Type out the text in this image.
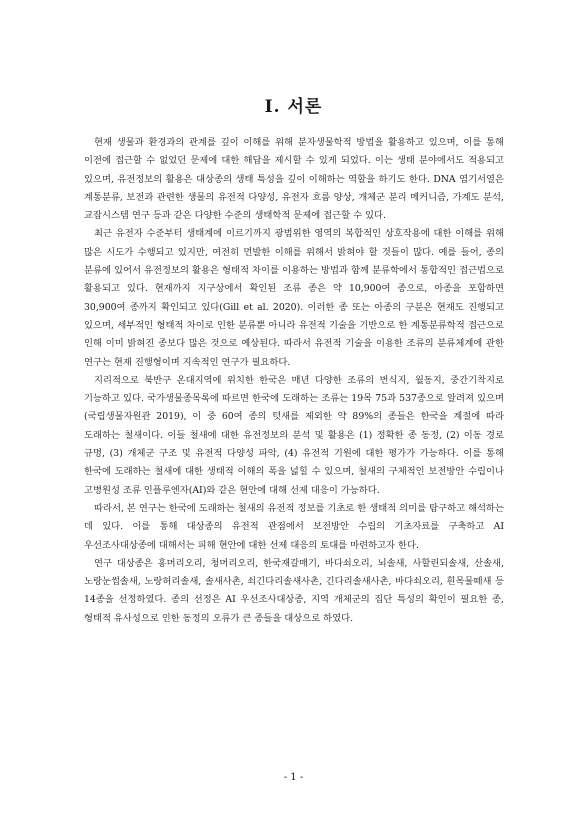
Ⅰ. 서론

현재 생물과 환경과의 관계를 깊이 이해를 위해 분자생물학적 방법을 활용하고 있으며, 이를 통해 이전에 접근할 수 없었던 문제에 대한 해답을 제시할 수 있게 되었다. 이는 생태 분야에서도 적용되고 있으며, 유전정보의 활용은 대상종의 생태 특성을 깊이 이해하는 역할을 하기도 한다. DNA 염기서열은 계통분류, 보전과 관련한 생물의 유전적 다양성, 유전자 흐름 양상, 개체군 분리 메커니즘, 가계도 분석, 교잡시스템 연구 등과 같은 다양한 수준의 생태학적 문제에 접근할 수 있다.

최근 유전자 수준부터 생태계에 이르기까지 광범위한 영역의 복합적인 상호작용에 대한 이해를 위해 많은 시도가 수행되고 있지만, 여전히 먼발한 이해를 위해서 밝혀야 할 것들이 많다. 예를 들어, 종의 분류에 있어서 유전정보의 활용은 형태적 차이를 이용하는 방법과 함께 분류학에서 통합적인 접근법으로 활용되고 있다. 현재까지 지구상에서 확인된 조류 종은 약 10,900여 종으로, 아종을 포함하면 30,900여 종까지 확인되고 있다(Gill et al. 2020). 이러한 종 또는 아종의 구분은 현재도 진행되고 있으며, 세부적인 형태적 차이로 인한 분류뿐 아니라 유전적 기술을 기반으로 한 계통분류학적 접근으로 인해 이미 밝혀진 종보다 많은 것으로 예상된다. 따라서 유전적 기술을 이용한 조류의 분류체계에 관한 연구는 현재 진행형이며 지속적인 연구가 필요하다.

지리적으로 북반구 온대지역에 위치한 한국은 매년 다양한 조류의 번식지, 월동지, 중간기착지로 기능하고 있다. 국가생물종목록에 따르면 한국에 도래하는 조류는 19목 75과 537종으로 알려져 있으며(국립생물자원관 2019), 이 중 60여 종의 텃새를 제외한 약 89%의 종들은 한국을 계절에 따라 도래하는 철새이다. 이들 철새에 대한 유전정보의 분석 및 활용은 (1) 정확한 종 동정, (2) 이동 경로 규명, (3) 개체군 구조 및 유전적 다양성 파악, (4) 유전적 기원에 대한 평가가 가능하다. 이를 통해 한국에 도래하는 철새에 대한 생태적 이해의 폭을 넓힐 수 있으며, 철새의 구체적인 보전방안 수립이나 고병원성 조류 인플루엔자(AI)와 같은 현안에 대해 선제 대응이 가능하다.

따라서, 본 연구는 한국에 도래하는 철새의 유전적 정보를 기초로 한 생태적 의미를 탐구하고 해석하는 데 있다. 이를 통해 대상종의 유전적 관점에서 보전방안 수립의 기초자료를 구축하고 AI 우선조사대상종에 대해서는 피해 현안에 대한 선제 대응의 토대를 마련하고자 한다.

연구 대상종은 홍머리오리, 청머리오리, 한국재갈매기, 바다쇠오리, 뇌솔새, 사할린되솔새, 산솔새, 노랑눈썹솔새, 노랑허리솔새, 솔새사촌, 쇠긴다리솔새사촌, 긴다리솔새사촌, 바다쇠오리, 흰목물떼새 등 14종을 선정하였다. 종의 선정은 AI 우선조사대상종, 지역 개체군의 집단 특성의 확인이 필요한 종, 형태적 유사성으로 인한 동정의 오류가 큰 종들을 대상으로 하였다.

- 1 -
